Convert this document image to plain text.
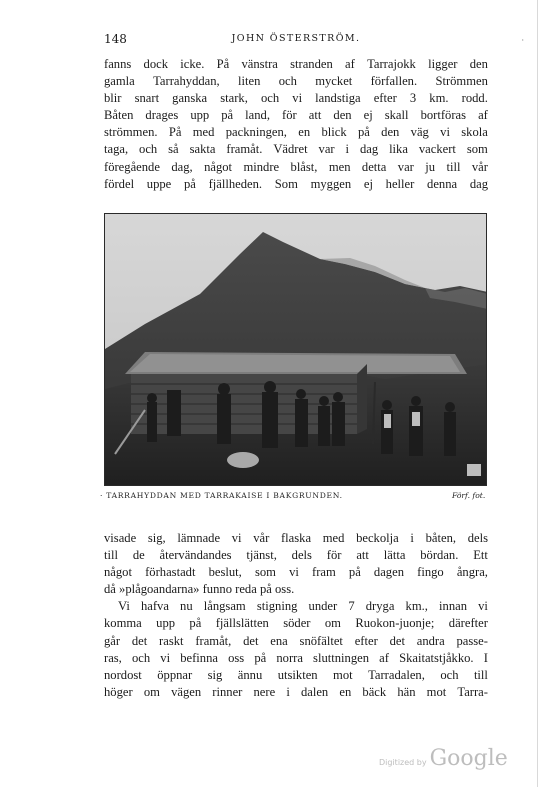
·
148	JOHN ÖSTERSTRÖM.
fanns dock icke. På vänstra stranden af Tarrajokk ligger den
gamla Tarrahyddan, liten och mycket förfallen. Strömmen
blir snart ganska stark, och vi landstiga efter 3 km. rodd.
Båten drages upp på land, för att den ej skall bortföras af
strömmen. På med packningen, en blick på den väg vi skola
taga, och så sakta framåt. Vädret var i dag lika vackert som
föregående dag, något mindre blåst, men detta var ju till vår
fördel uppe på fjällheden. Som myggen ej heller denna dag
· TARRAHYDDAN MED TARRAKAISE I BAKGRUNDEN.	Förf. fot.
visade sig, lämnade vi vår flaska med beckolja i båten, dels
till de återvändandes tjänst, dels för att lätta bördan. Ett
något förhastadt beslut, som vi fram på dagen fingo ångra,
då »plågoandarna» funno reda på oss.
Vi hafva nu långsam stigning under 7 dryga km., innan vi
komma upp på fjällslätten söder om Ruokon-juonje; därefter
går det raskt framåt, det ena snöfältet efter det andra passe-
ras, och vi befinna oss på norra sluttningen af Skaitatstjåkko. I
nordost öppnar sig ännu utsikten mot Tarradalen, och till
höger om vägen rinner nere i dalen en bäck hän mot Tarra-
Digitized by Google
